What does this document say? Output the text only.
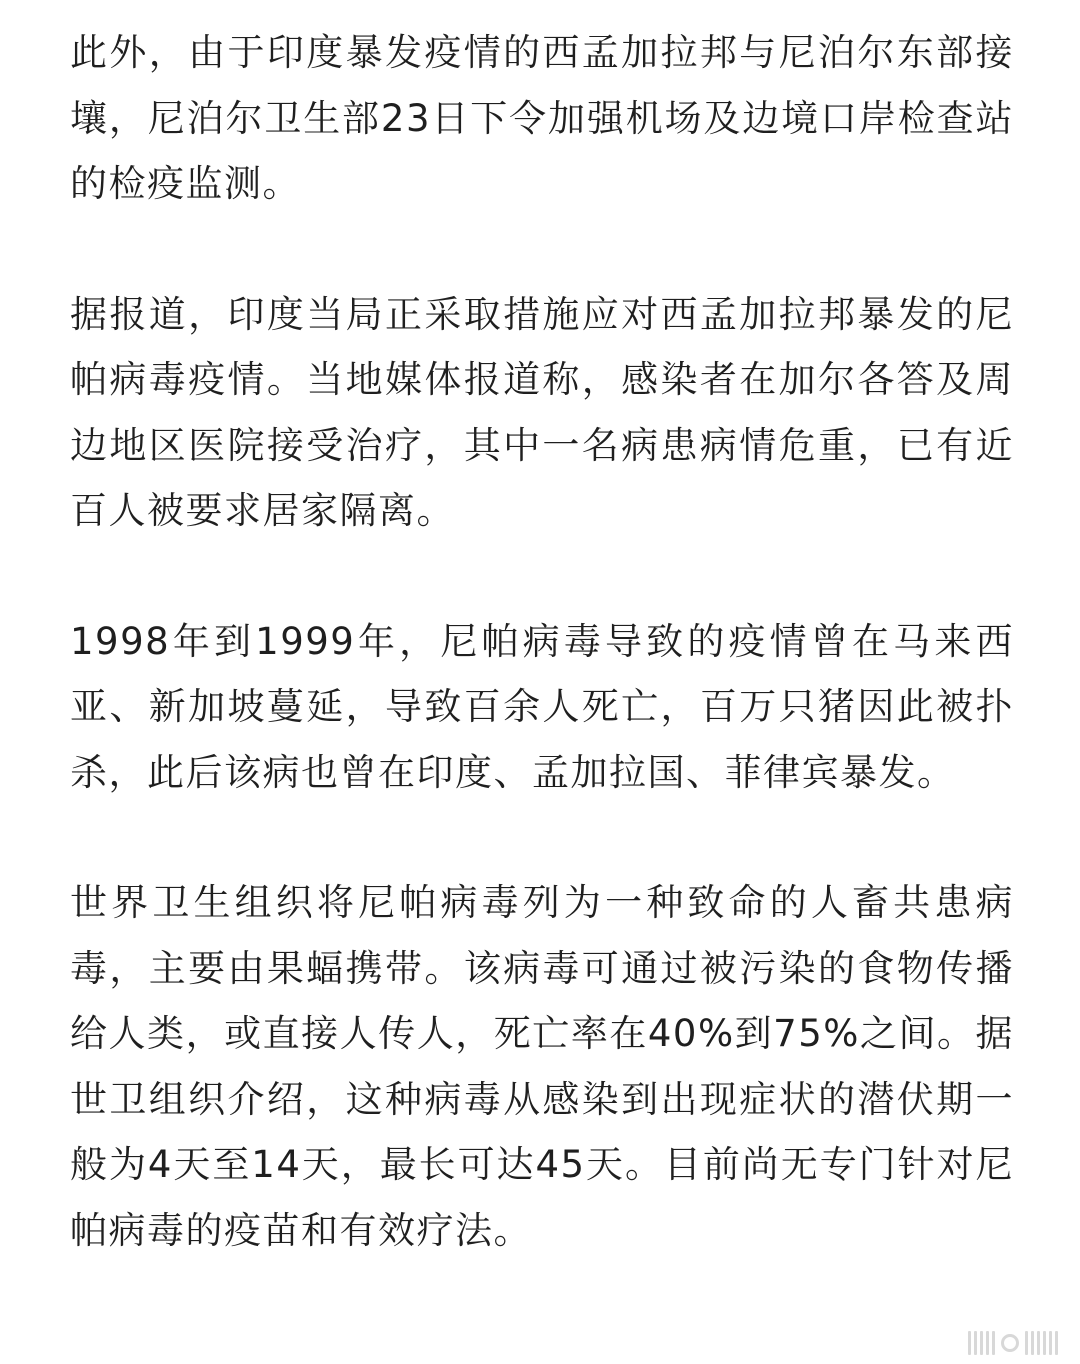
此外，由于印度暴发疫情的西孟加拉邦与尼泊尔东部接壤，尼泊尔卫生部23日下令加强机场及边境口岸检查站的检疫监测。

据报道，印度当局正采取措施应对西孟加拉邦暴发的尼帕病毒疫情。当地媒体报道称，感染者在加尔各答及周边地区医院接受治疗，其中一名病患病情危重，已有近百人被要求居家隔离。

1998年到1999年，尼帕病毒导致的疫情曾在马来西亚、新加坡蔓延，导致百余人死亡，百万只猪因此被扑杀，此后该病也曾在印度、孟加拉国、菲律宾暴发。

世界卫生组织将尼帕病毒列为一种致命的人畜共患病毒，主要由果蝠携带。该病毒可通过被污染的食物传播给人类，或直接人传人，死亡率在40%到75%之间。据世卫组织介绍，这种病毒从感染到出现症状的潜伏期一般为4天至14天，最长可达45天。目前尚无专门针对尼帕病毒的疫苗和有效疗法。
